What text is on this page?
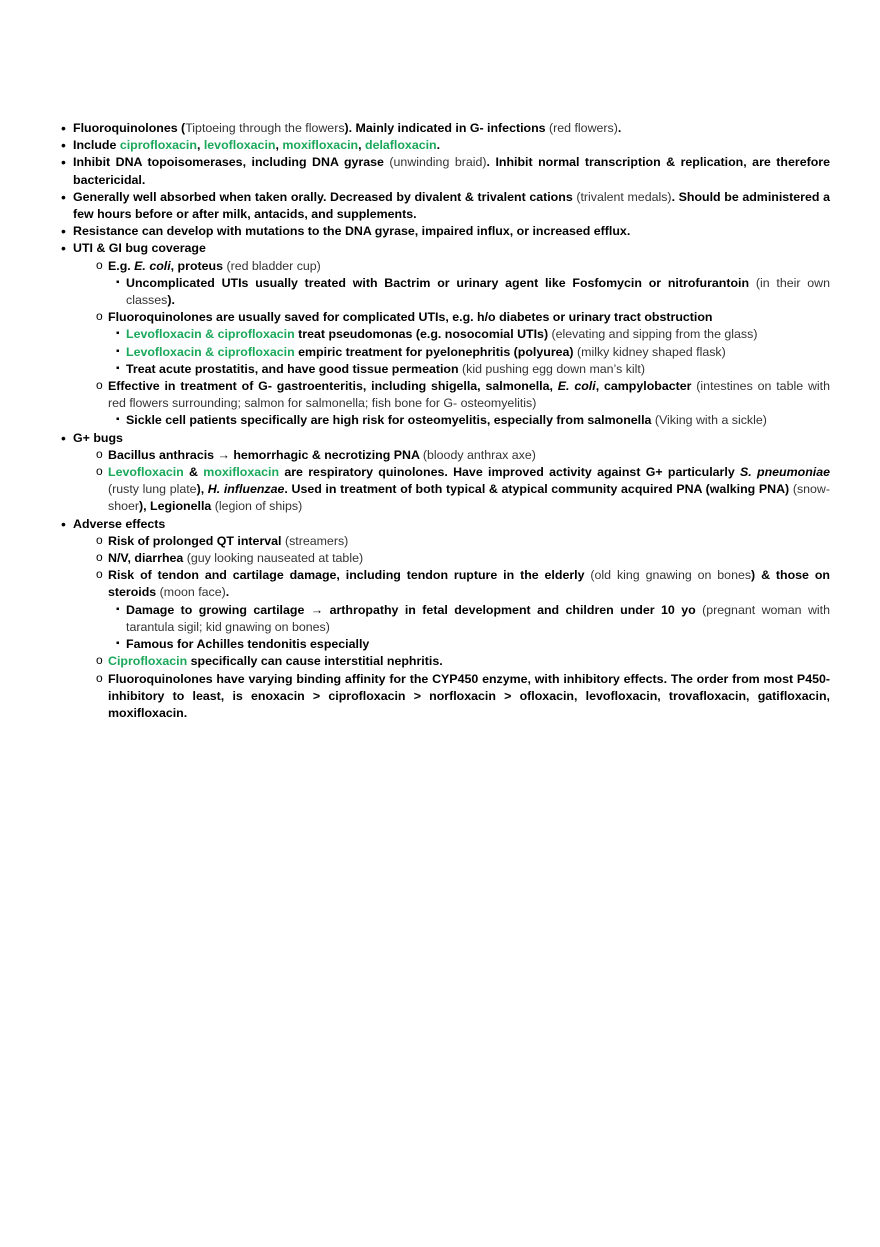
• Fluoroquinolones (Tiptoeing through the flowers). Mainly indicated in G- infections (red flowers).
• Include ciprofloxacin, levofloxacin, moxifloxacin, delafloxacin.
• Inhibit DNA topoisomerases, including DNA gyrase (unwinding braid). Inhibit normal transcription & replication, are therefore bactericidal.
• Generally well absorbed when taken orally. Decreased by divalent & trivalent cations (trivalent medals). Should be administered a few hours before or after milk, antacids, and supplements.
• Resistance can develop with mutations to the DNA gyrase, impaired influx, or increased efflux.
• UTI & GI bug coverage
o E.g. E. coli, proteus (red bladder cup)
▪ Uncomplicated UTIs usually treated with Bactrim or urinary agent like Fosfomycin or nitrofurantoin (in their own classes).
o Fluoroquinolones are usually saved for complicated UTIs, e.g. h/o diabetes or urinary tract obstruction
▪ Levofloxacin & ciprofloxacin treat pseudomonas (e.g. nosocomial UTIs) (elevating and sipping from the glass)
▪ Levofloxacin & ciprofloxacin empiric treatment for pyelonephritis (polyurea) (milky kidney shaped flask)
▪ Treat acute prostatitis, and have good tissue permeation (kid pushing egg down man’s kilt)
o Effective in treatment of G- gastroenteritis, including shigella, salmonella, E. coli, campylobacter (intestines on table with red flowers surrounding; salmon for salmonella; fish bone for G- osteomyelitis)
▪ Sickle cell patients specifically are high risk for osteomyelitis, especially from salmonella (Viking with a sickle)
• G+ bugs
o Bacillus anthracis → hemorrhagic & necrotizing PNA (bloody anthrax axe)
o Levofloxacin & moxifloxacin are respiratory quinolones. Have improved activity against G+ particularly S. pneumoniae (rusty lung plate), H. influenzae. Used in treatment of both typical & atypical community acquired PNA (walking PNA) (snow-shoer), Legionella (legion of ships)
• Adverse effects
o Risk of prolonged QT interval (streamers)
o N/V, diarrhea (guy looking nauseated at table)
o Risk of tendon and cartilage damage, including tendon rupture in the elderly (old king gnawing on bones) & those on steroids (moon face).
▪ Damage to growing cartilage → arthropathy in fetal development and children under 10 yo (pregnant woman with tarantula sigil; kid gnawing on bones)
▪ Famous for Achilles tendonitis especially
o Ciprofloxacin specifically can cause interstitial nephritis.
o Fluoroquinolones have varying binding affinity for the CYP450 enzyme, with inhibitory effects. The order from most P450-inhibitory to least, is enoxacin > ciprofloxacin > norfloxacin > ofloxacin, levofloxacin, trovafloxacin, gatifloxacin, moxifloxacin.
